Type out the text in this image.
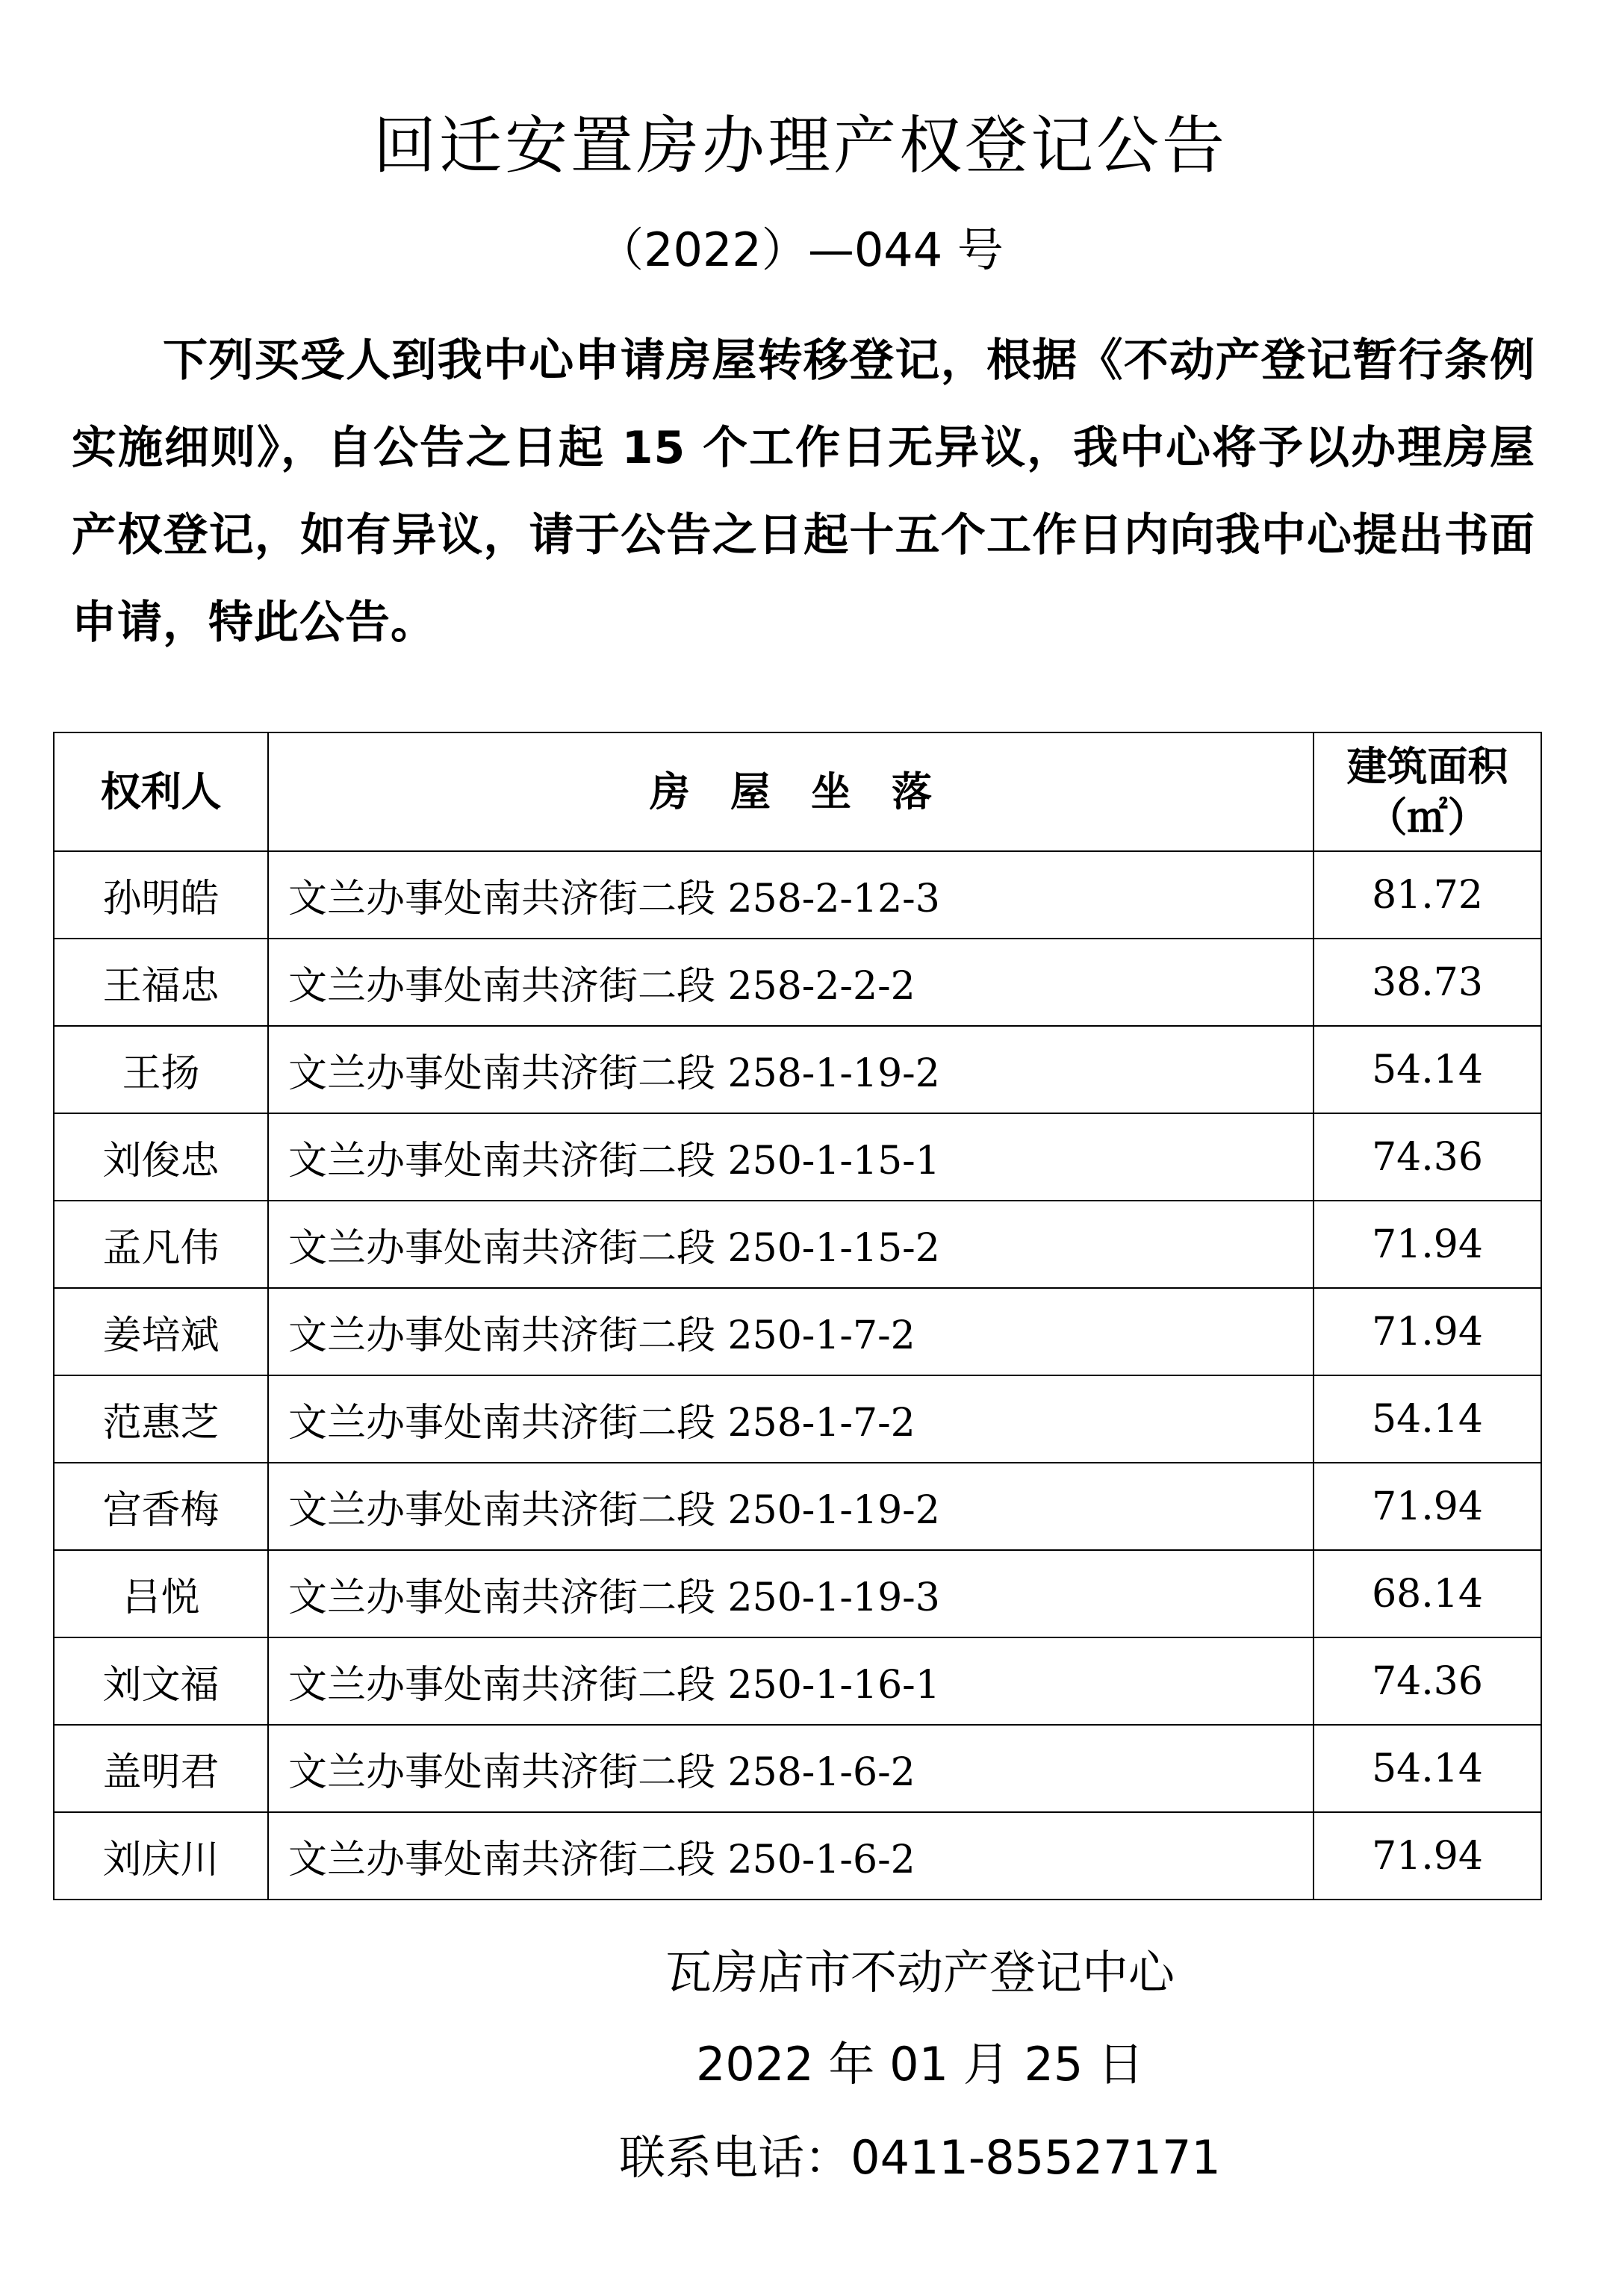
回迁安置房办理产权登记公告
（2022）—044 号

下列买受人到我中心申请房屋转移登记，根据《不动产登记暂行条例实施细则》，自公告之日起 15 个工作日无异议，我中心将予以办理房屋产权登记，如有异议，请于公告之日起十五个工作日内向我中心提出书面申请，特此公告。

权利人	房　屋　坐　落	建筑面积
（㎡）

孙明皓	文兰办事处南共济街二段 258-2-12-3	81.72
王福忠	文兰办事处南共济街二段 258-2-2-2	38.73
王扬	文兰办事处南共济街二段 258-1-19-2	54.14
刘俊忠	文兰办事处南共济街二段 250-1-15-1	74.36
孟凡伟	文兰办事处南共济街二段 250-1-15-2	71.94
姜培斌	文兰办事处南共济街二段 250-1-7-2	71.94
范惠芝	文兰办事处南共济街二段 258-1-7-2	54.14
宫香梅	文兰办事处南共济街二段 250-1-19-2	71.94
吕悦	文兰办事处南共济街二段 250-1-19-3	68.14
刘文福	文兰办事处南共济街二段 250-1-16-1	74.36
盖明君	文兰办事处南共济街二段 258-1-6-2	54.14
刘庆川	文兰办事处南共济街二段 250-1-6-2	71.94
瓦房店市不动产登记中心
2022 年 01 月 25 日
联系电话：0411-85527171
